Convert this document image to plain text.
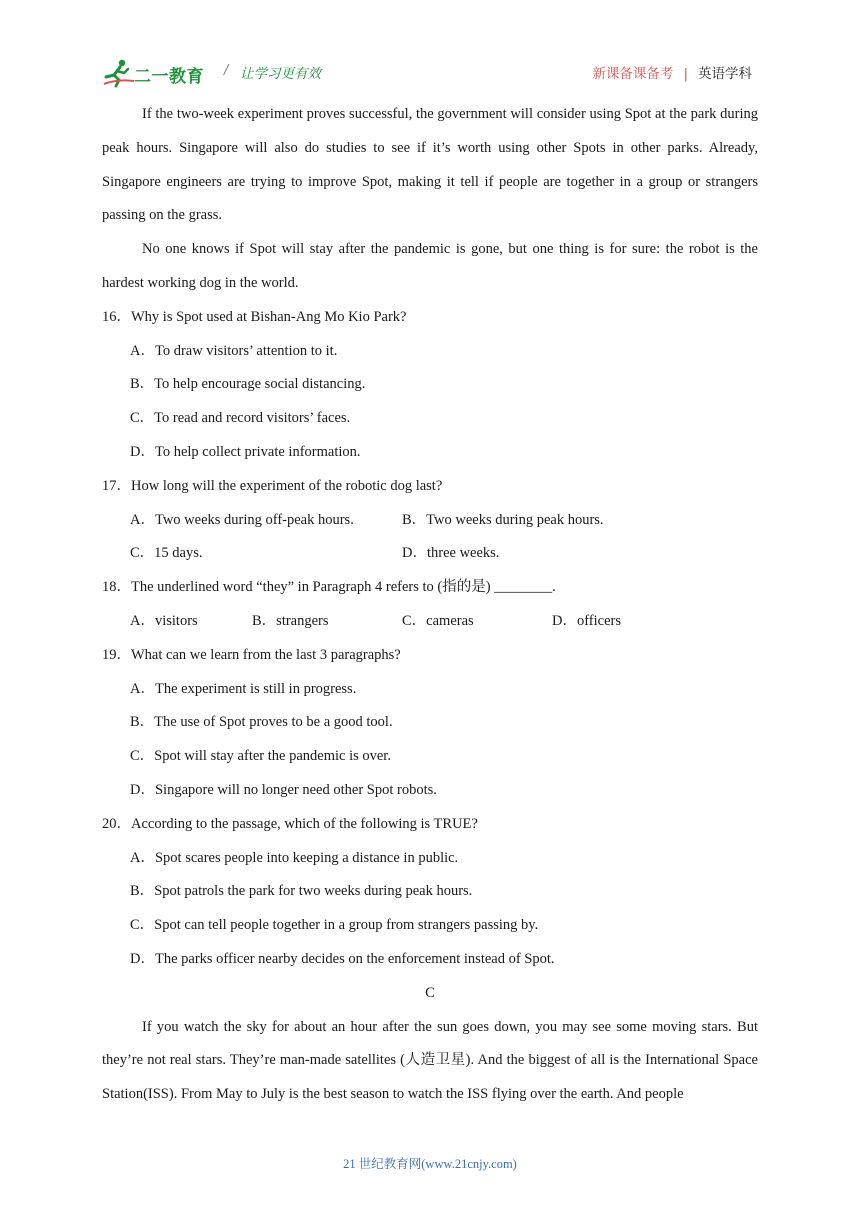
二一教育 / 让学习更有效	新课备课备考 | 英语学科

If the two-week experiment proves successful, the government will consider using Spot at the park during peak hours. Singapore will also do studies to see if it’s worth using other Spots in other parks. Already, Singapore engineers are trying to improve Spot, making it tell if people are together in a group or strangers passing on the grass.

No one knows if Spot will stay after the pandemic is gone, but one thing is for sure: the robot is the hardest working dog in the world.

16．Why is Spot used at Bishan-Ang Mo Kio Park?

A．To draw visitors’ attention to it.

B．To help encourage social distancing.

C．To read and record visitors’ faces.

D．To help collect private information.

17．How long will the experiment of the robotic dog last?

A．Two weeks during off-peak hours.	B．Two weeks during peak hours.
C．15 days.	D．three weeks.

18．The underlined word “they” in Paragraph 4 refers to (指的是) ________.

A．visitors	B．strangers	C．cameras	D．officers

19．What can we learn from the last 3 paragraphs?

A．The experiment is still in progress.

B．The use of Spot proves to be a good tool.

C．Spot will stay after the pandemic is over.

D．Singapore will no longer need other Spot robots.

20．According to the passage, which of the following is TRUE?

A．Spot scares people into keeping a distance in public.

B．Spot patrols the park for two weeks during peak hours.

C．Spot can tell people together in a group from strangers passing by.

D．The parks officer nearby decides on the enforcement instead of Spot.

C

If you watch the sky for about an hour after the sun goes down, you may see some moving stars. But they’re not real stars. They’re man-made satellites (人造卫星). And the biggest of all is the International Space Station(ISS). From May to July is the best season to watch the ISS flying over the earth. And people

21 世纪教育网(www.21cnjy.com)
